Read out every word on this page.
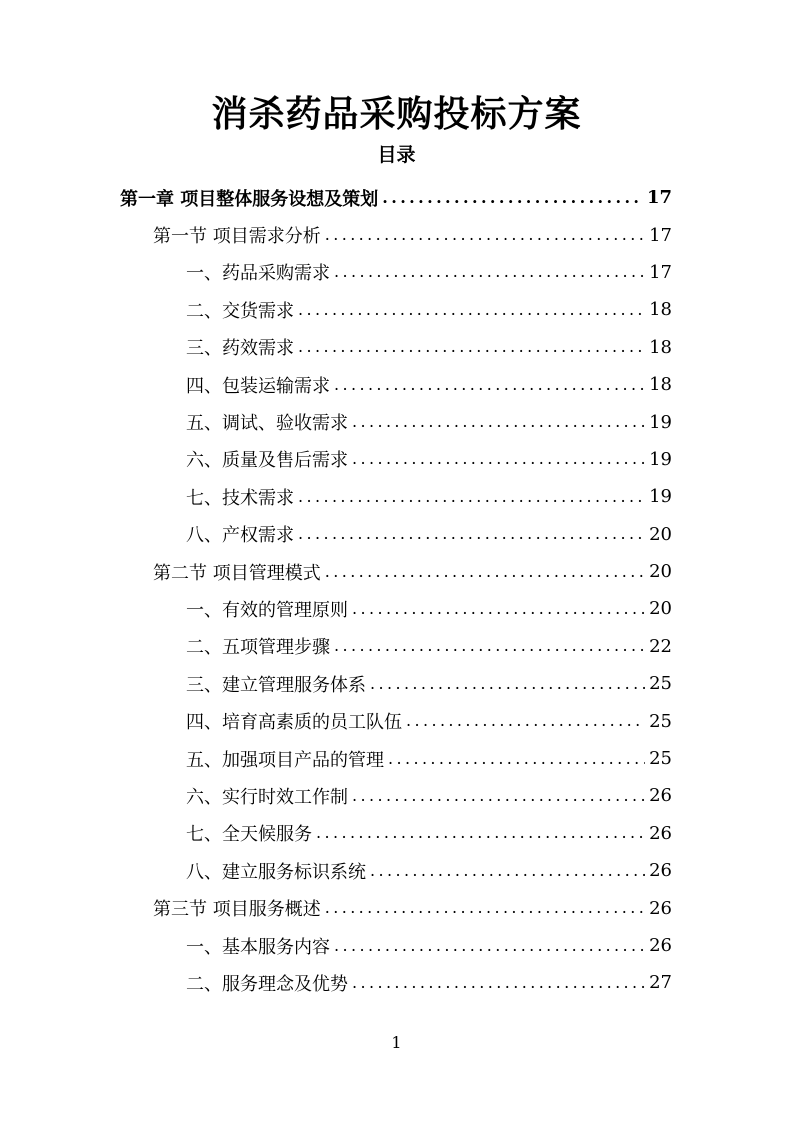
消杀药品采购投标方案
目录
第一章 项目整体服务设想及策划 .....	17
第一节 项目需求分析 .....	17
一、药品采购需求 .....	17
二、交货需求 .....	18
三、药效需求 .....	18
四、包装运输需求 .....	18
五、调试、验收需求 .....	19
六、质量及售后需求 .....	19
七、技术需求 .....	19
八、产权需求 .....	20
第二节 项目管理模式 .....	20
一、有效的管理原则 .....	20
二、五项管理步骤 .....	22
三、建立管理服务体系 .....	25
四、培育高素质的员工队伍 .....	25
五、加强项目产品的管理 .....	25
六、实行时效工作制 .....	26
七、全天候服务 .....	26
八、建立服务标识系统 .....	26
第三节 项目服务概述 .....	26
一、基本服务内容 .....	26
二、服务理念及优势 .....	27
1
